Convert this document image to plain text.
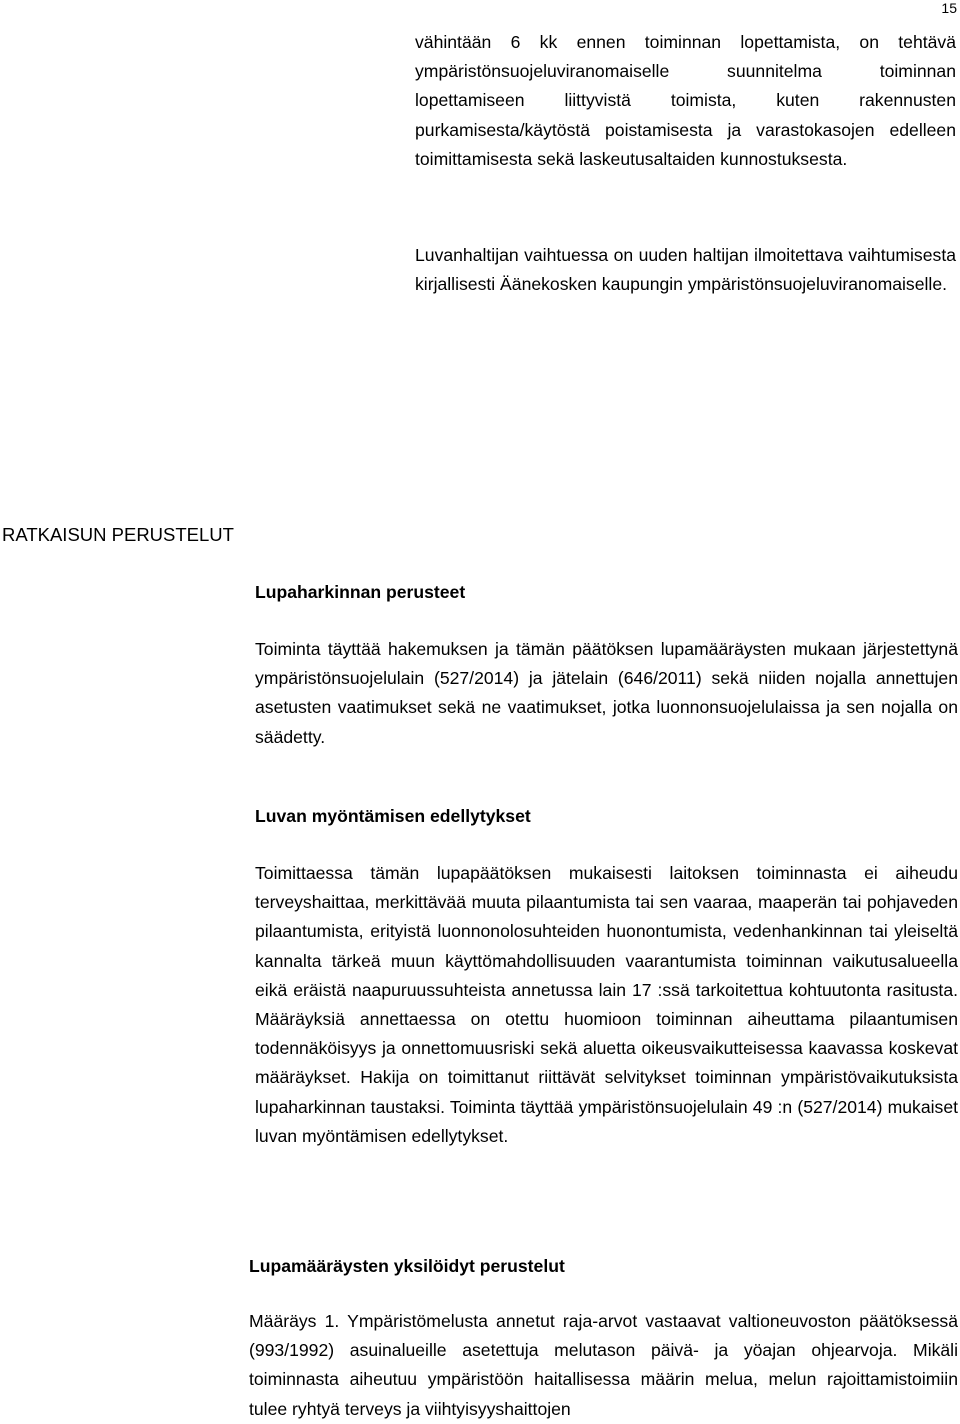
15

vähintään 6 kk ennen toiminnan lopettamista, on tehtävä ympäristönsuojeluviranomaiselle suunnitelma toiminnan lopettamiseen liittyvistä toimista, kuten rakennusten purkamisesta/käytöstä poistamisesta ja varastokasojen edelleen toimittamisesta sekä laskeutusaltaiden kunnostuksesta.

Luvanhaltijan vaihtuessa on uuden haltijan ilmoitettava vaihtumisesta kirjallisesti Äänekosken kaupungin ympäristönsuojeluviranomaiselle.

RATKAISUN PERUSTELUT
Lupaharkinnan perusteet

Toiminta täyttää hakemuksen ja tämän päätöksen lupamääräysten mukaan järjestettynä ympäristönsuojelulain (527/2014) ja jätelain (646/2011) sekä niiden nojalla annettujen asetusten vaatimukset sekä ne vaatimukset, jotka luonnonsuojelulaissa ja sen nojalla on säädetty.

Luvan myöntämisen edellytykset

Toimittaessa tämän lupapäätöksen mukaisesti laitoksen toiminnasta ei aiheudu terveyshaittaa, merkittävää muuta pilaantumista tai sen vaaraa, maaperän tai pohjaveden pilaantumista, erityistä luonnonolosuhteiden huonontumista, vedenhankinnan tai yleiseltä kannalta tärkeä muun käyttömahdollisuuden vaarantumista toiminnan vaikutusalueella eikä eräistä naapuruussuhteista annetussa lain 17 :ssä tarkoitettua kohtuutonta rasitusta. Määräyksiä annettaessa on otettu huomioon toiminnan aiheuttama pilaantumisen todennäköisyys ja onnettomuusriski sekä aluetta oikeusvaikutteisessa kaavassa koskevat määräykset. Hakija on toimittanut riittävät selvitykset toiminnan ympäristövaikutuksista lupaharkinnan taustaksi. Toiminta täyttää ympäristönsuojelulain 49 :n (527/2014) mukaiset luvan myöntämisen edellytykset.

Lupamääräysten yksilöidyt perustelut

Määräys 1. Ympäristömelusta annetut raja-arvot vastaavat valtioneuvoston päätöksessä (993/1992) asuinalueille asetettuja melutason päivä- ja yöajan ohjearvoja. Mikäli toiminnasta aiheutuu ympäristöön haitallisessa määrin melua, melun rajoittamistoimiin tulee ryhtyä terveys ja viihtyisyyshaittojen
